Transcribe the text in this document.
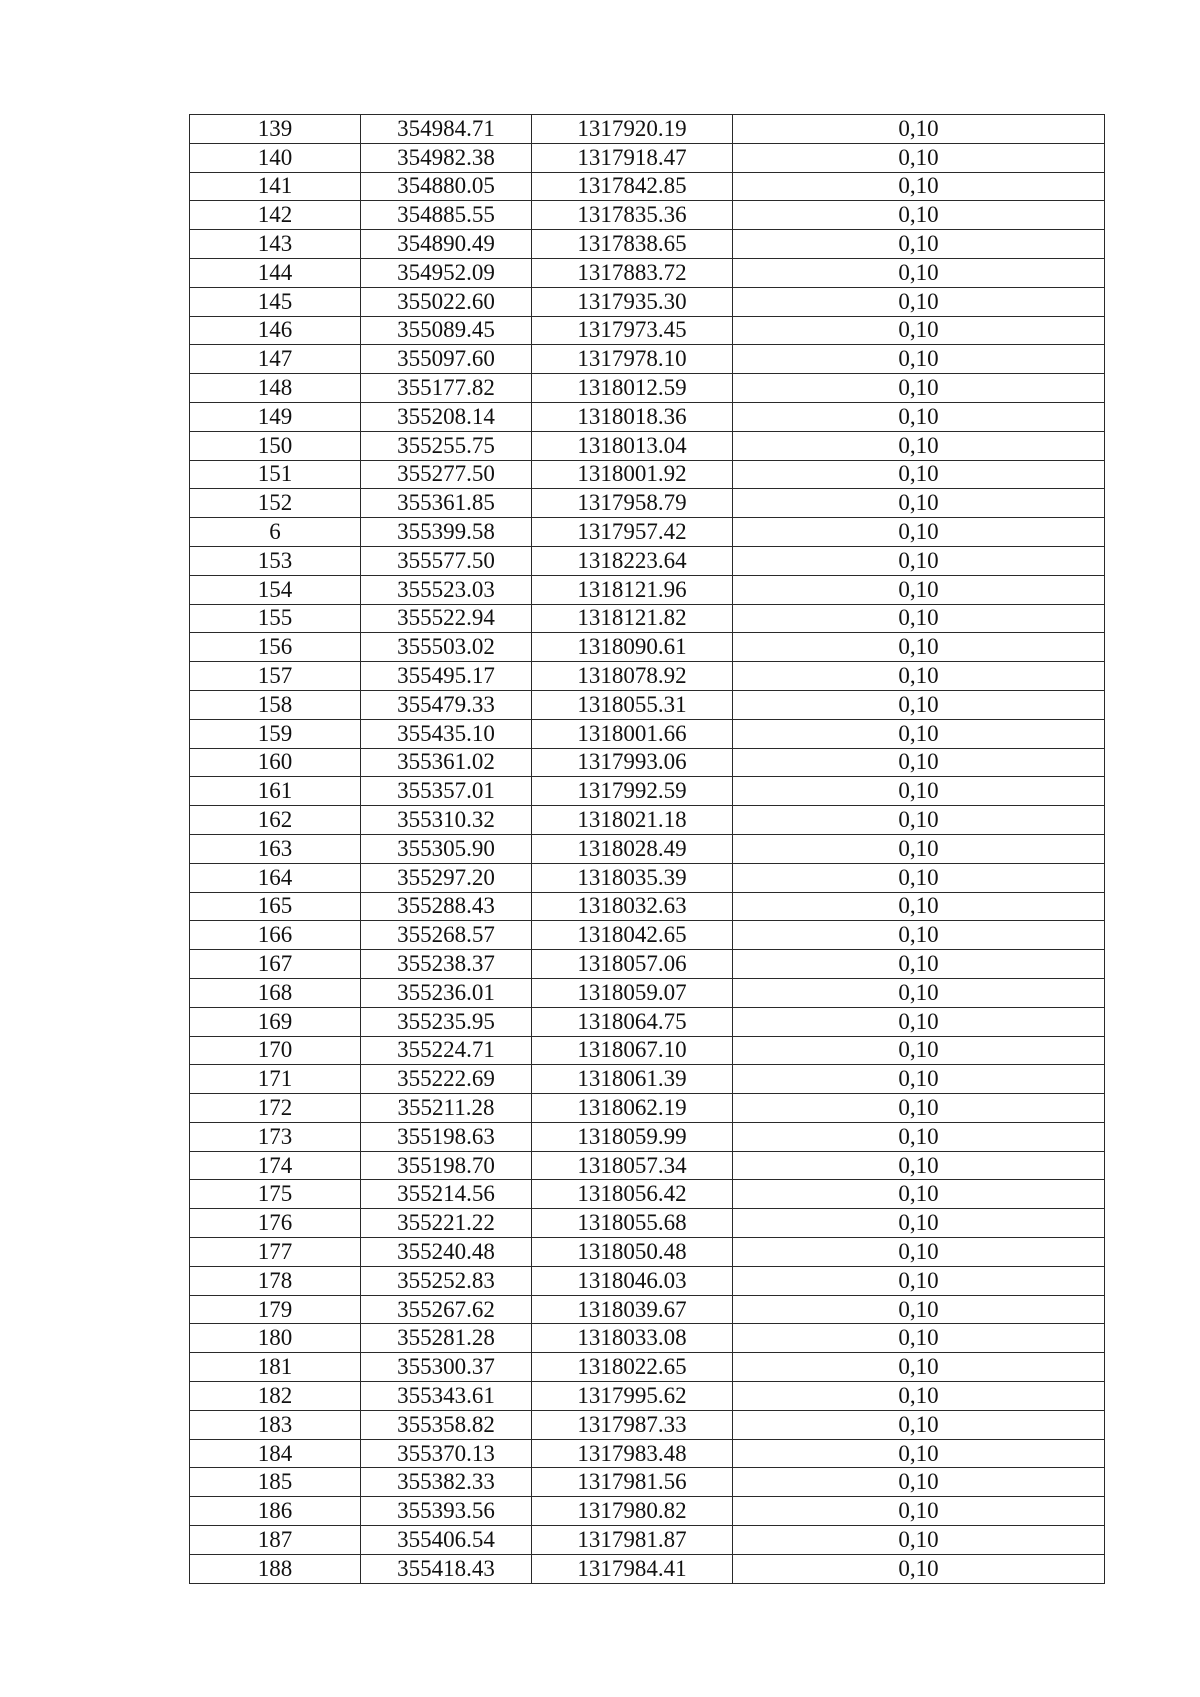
139	354984.71	1317920.19	0,10
140	354982.38	1317918.47	0,10
141	354880.05	1317842.85	0,10
142	354885.55	1317835.36	0,10
143	354890.49	1317838.65	0,10
144	354952.09	1317883.72	0,10
145	355022.60	1317935.30	0,10
146	355089.45	1317973.45	0,10
147	355097.60	1317978.10	0,10
148	355177.82	1318012.59	0,10
149	355208.14	1318018.36	0,10
150	355255.75	1318013.04	0,10
151	355277.50	1318001.92	0,10
152	355361.85	1317958.79	0,10
6	355399.58	1317957.42	0,10
153	355577.50	1318223.64	0,10
154	355523.03	1318121.96	0,10
155	355522.94	1318121.82	0,10
156	355503.02	1318090.61	0,10
157	355495.17	1318078.92	0,10
158	355479.33	1318055.31	0,10
159	355435.10	1318001.66	0,10
160	355361.02	1317993.06	0,10
161	355357.01	1317992.59	0,10
162	355310.32	1318021.18	0,10
163	355305.90	1318028.49	0,10
164	355297.20	1318035.39	0,10
165	355288.43	1318032.63	0,10
166	355268.57	1318042.65	0,10
167	355238.37	1318057.06	0,10
168	355236.01	1318059.07	0,10
169	355235.95	1318064.75	0,10
170	355224.71	1318067.10	0,10
171	355222.69	1318061.39	0,10
172	355211.28	1318062.19	0,10
173	355198.63	1318059.99	0,10
174	355198.70	1318057.34	0,10
175	355214.56	1318056.42	0,10
176	355221.22	1318055.68	0,10
177	355240.48	1318050.48	0,10
178	355252.83	1318046.03	0,10
179	355267.62	1318039.67	0,10
180	355281.28	1318033.08	0,10
181	355300.37	1318022.65	0,10
182	355343.61	1317995.62	0,10
183	355358.82	1317987.33	0,10
184	355370.13	1317983.48	0,10
185	355382.33	1317981.56	0,10
186	355393.56	1317980.82	0,10
187	355406.54	1317981.87	0,10
188	355418.43	1317984.41	0,10
